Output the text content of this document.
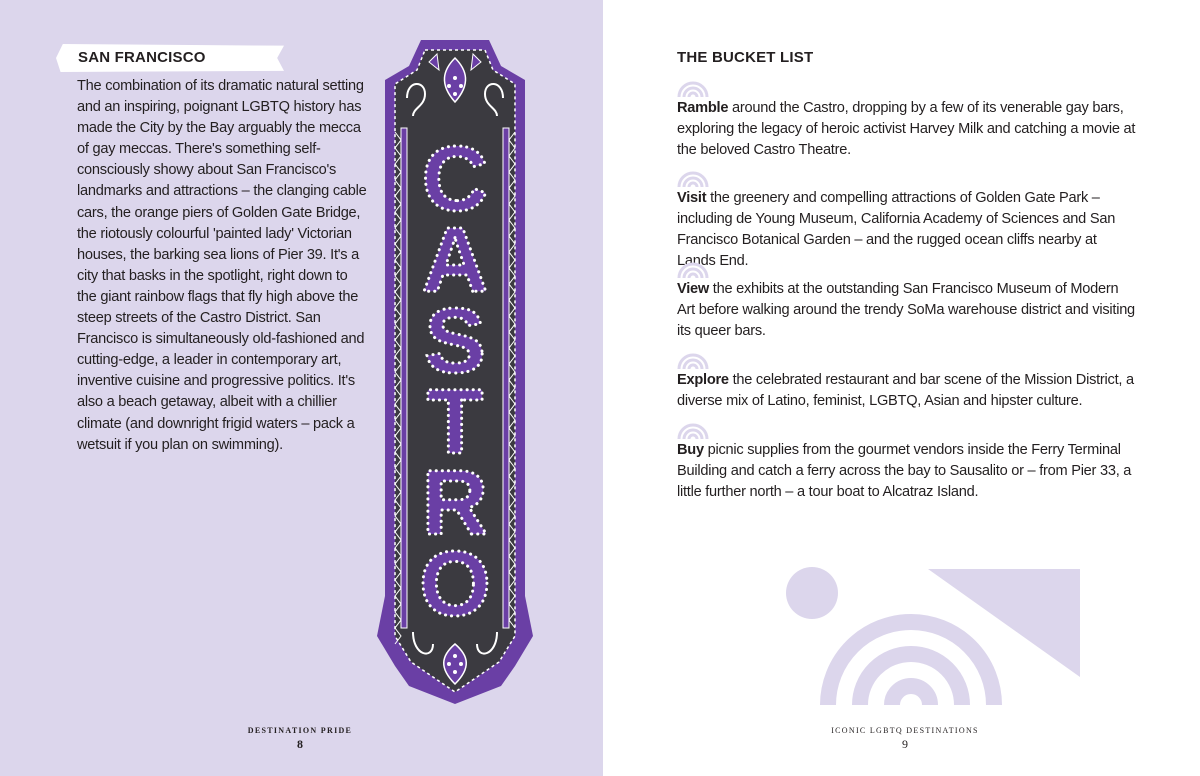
SAN FRANCISCO
The combination of its dramatic natural setting and an inspiring, poignant LGBTQ history has made the City by the Bay arguably the mecca of gay meccas. There's something self-consciously showy about San Francisco's landmarks and attractions – the clanging cable cars, the orange piers of Golden Gate Bridge, the riotously colourful 'painted lady' Victorian houses, the barking sea lions of Pier 39. It's a city that basks in the spotlight, right down to the giant rainbow flags that fly high above the steep streets of the Castro District. San Francisco is simultaneously old-fashioned and cutting-edge, a leader in contemporary art, inventive cuisine and progressive politics. It's also a beach getaway, albeit with a chillier climate (and downright frigid waters – pack a wetsuit if you plan on swimming).
C
A
S
T
R
O
DESTINATION PRIDE
8
THE BUCKET LIST

Ramble around the Castro, dropping by a few of its venerable gay bars, exploring the legacy of heroic activist Harvey Milk and catching a movie at the beloved Castro Theatre.

Visit the greenery and compelling attractions of Golden Gate Park – including de Young Museum, California Academy of Sciences and San Francisco Botanical Garden – and the rugged ocean cliffs nearby at Lands End.

View the exhibits at the outstanding San Francisco Museum of Modern Art before walking around the trendy SoMa warehouse district and visiting its queer bars.

Explore the celebrated restaurant and bar scene of the Mission District, a diverse mix of Latino, feminist, LGBTQ, Asian and hipster culture.

Buy picnic supplies from the gourmet vendors inside the Ferry Terminal Building and catch a ferry across the bay to Sausalito or – from Pier 33, a little further north – a tour boat to Alcatraz Island.

ICONIC LGBTQ DESTINATIONS
9
